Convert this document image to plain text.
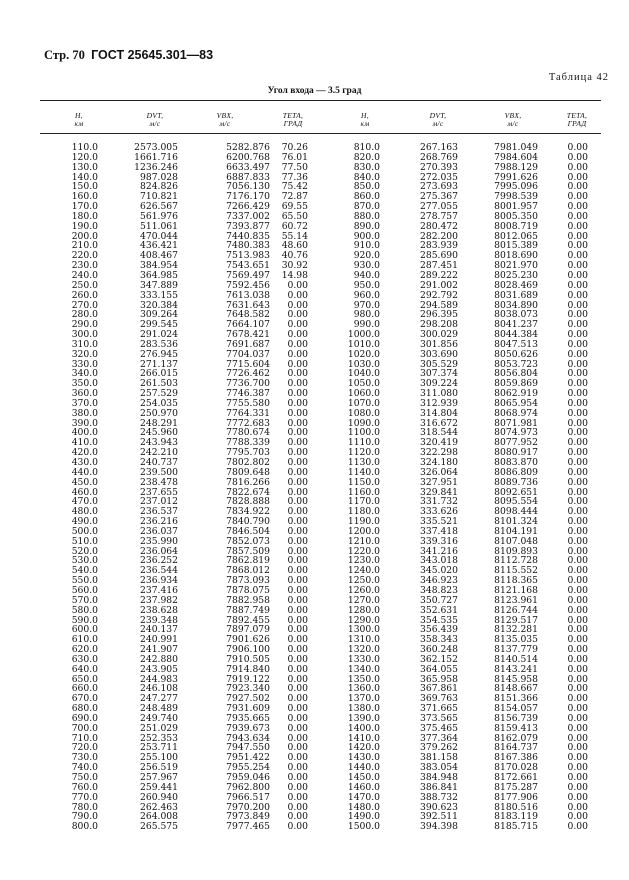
Стр. 70 ГОСТ 25645.301—83
Таблица 42
Угол входа — 3.5 град
H,
км
DVT,
м/с
VBX,
м/с
ТЕТА,
ГРАД
H,
км
DVT,
м/с
VBX,
м/с
ТЕТА,
ГРАД
110.0
120.0
130.0
140.0
150.0
160.0
170.0
180.0
190.0
200.0
210.0
220.0
230.0
240.0
250.0
260.0
270.0
280.0
290.0
300.0
310.0
320.0
330.0
340.0
350.0
360.0
370.0
380.0
390.0
400.0
410.0
420.0
430.0
440.0
450.0
460.0
470.0
480.0
490.0
500.0
510.0
520.0
530.0
540.0
550.0
560.0
570.0
580.0
590.0
600.0
610.0
620.0
630.0
640.0
650.0
660.0
670.0
680.0
690.0
700.0
710.0
720.0
730.0
740.0
750.0
760.0
770.0
780.0
790.0
800.0
2573.005
1661.716
1236.246
987.028
824.826
710.821
626.567
561.976
511.061
470.044
436.421
408.467
384.954
364.985
347.889
333.155
320.384
309.264
299.545
291.024
283.536
276.945
271.137
266.015
261.503
257.529
254.035
250.970
248.291
245.960
243.943
242.210
240.737
239.500
238.478
237.655
237.012
236.537
236.216
236.037
235.990
236.064
236.252
236.544
236.934
237.416
237.982
238.628
239.348
240.137
240.991
241.907
242.880
243.905
244.983
246.108
247.277
248.489
249.740
251.029
252.353
253.711
255.100
256.519
257.967
259.441
260.940
262.463
264.008
265.575
5282.876
6200.768
6633.497
6887.833
7056.130
7176.170
7266.429
7337.002
7393.877
7440.835
7480.383
7513.983
7543.651
7569.497
7592.456
7613.038
7631.643
7648.582
7664.107
7678.421
7691.687
7704.037
7715.604
7726.462
7736.700
7746.387
7755.580
7764.331
7772.683
7780.674
7788.339
7795.703
7802.802
7809.648
7816.266
7822.674
7828.888
7834.922
7840.790
7846.504
7852.073
7857.509
7862.819
7868.012
7873.093
7878.075
7882.958
7887.749
7892.455
7897.079
7901.626
7906.100
7910.505
7914.840
7919.122
7923.340
7927.502
7931.609
7935.665
7939.673
7943.634
7947.550
7951.422
7955.254
7959.046
7962.800
7966.517
7970.200
7973.849
7977.465
70.26
76.01
77.50
77.36
75.42
72.87
69.55
65.50
60.72
55.14
48.60
40.76
30.92
14.98
0.00
0.00
0.00
0.00
0.00
0.00
0.00
0.00
0.00
0.00
0.00
0.00
0.00
0.00
0.00
0.00
0.00
0.00
0.00
0.00
0.00
0.00
0.00
0.00
0.00
0.00
0.00
0.00
0.00
0.00
0.00
0.00
0.00
0.00
0.00
0.00
0.00
0.00
0.00
0.00
0.00
0.00
0.00
0.00
0.00
0.00
0.00
0.00
0.00
0.00
0.00
0.00
0.00
0.00
0.00
0.00
810.0
820.0
830.0
840.0
850.0
860.0
870.0
880.0
890.0
900.0
910.0
920.0
930.0
940.0
950.0
960.0
970.0
980.0
990.0
1000.0
1010.0
1020.0
1030.0
1040.0
1050.0
1060.0
1070.0
1080.0
1090.0
1100.0
1110.0
1120.0
1130.0
1140.0
1150.0
1160.0
1170.0
1180.0
1190.0
1200.0
1210.0
1220.0
1230.0
1240.0
1250.0
1260.0
1270.0
1280.0
1290.0
1300.0
1310.0
1320.0
1330.0
1340.0
1350.0
1360.0
1370.0
1380.0
1390.0
1400.0
1410.0
1420.0
1430.0
1440.0
1450.0
1460.0
1470.0
1480.0
1490.0
1500.0
267.163
268.769
270.393
272.035
273.693
275.367
277.055
278.757
280.472
282.200
283.939
285.690
287.451
289.222
291.002
292.792
294.589
296.395
298.208
300.029
301.856
303.690
305.529
307.374
309.224
311.080
312.939
314.804
316.672
318.544
320.419
322.298
324.180
326.064
327.951
329.841
331.732
333.626
335.521
337.418
339.316
341.216
343.018
345.020
346.923
348.823
350.727
352.631
354.535
356.439
358.343
360.248
362.152
364.055
365.958
367.861
369.763
371.665
373.565
375.465
377.364
379.262
381.158
383.054
384.948
386.841
388.732
390.623
392.511
394.398
7981.049
7984.604
7988.129
7991.626
7995.096
7998.539
8001.957
8005.350
8008.719
8012.065
8015.389
8018.690
8021.970
8025.230
8028.469
8031.689
8034.890
8038.073
8041.237
8044.384
8047.513
8050.626
8053.723
8056.804
8059.869
8062.919
8065.954
8068.974
8071.981
8074.973
8077.952
8080.917
8083.870
8086.809
8089.736
8092.651
8095.554
8098.444
8101.324
8104.191
8107.048
8109.893
8112.728
8115.552
8118.365
8121.168
8123.961
8126.744
8129.517
8132.281
8135.035
8137.779
8140.514
8143.241
8145.958
8148.667
8151.366
8154.057
8156.739
8159.413
8162.079
8164.737
8167.386
8170.028
8172.661
8175.287
8177.906
8180.516
8183.119
8185.715
0.00
0.00
0.00
0.00
0.00
0.00
0.00
0.00
0.00
0.00
0.00
0.00
0.00
0.00
0.00
0.00
0.00
0.00
0.00
0.00
0.00
0.00
0.00
0.00
0.00
0.00
0.00
0.00
0.00
0.00
0.00
0.00
0.00
0.00
0.00
0.00
0.00
0.00
0.00
0.00
0.00
0.00
0.00
0.00
0.00
0.00
0.00
0.00
0.00
0.00
0.00
0.00
0.00
0.00
0.00
0.00
0.00
0.00
0.00
0.00
0.00
0.00
0.00
0.00
0.00
0.00
0.00
0.00
0.00
0.00
